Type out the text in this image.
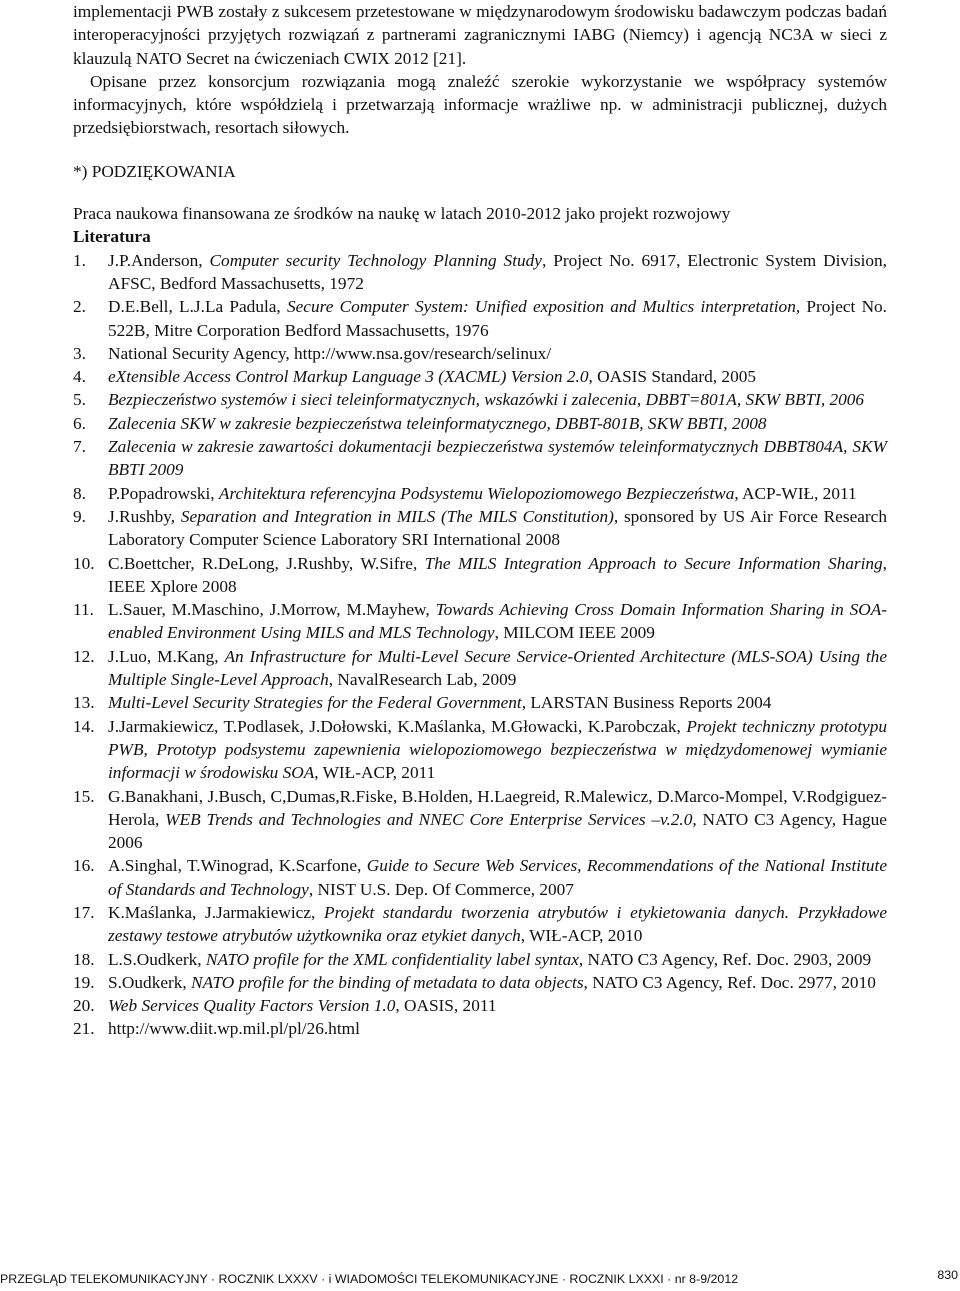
implementacji PWB zostały z sukcesem przetestowane w międzynarodowym środowisku badawczym podczas badań interoperacyjności przyjętych rozwiązań z partnerami zagranicznymi IABG (Niemcy) i agencją NC3A w sieci z klauzulą NATO Secret na ćwiczeniach CWIX 2012 [21].

Opisane przez konsorcjum rozwiązania mogą znaleźć szerokie wykorzystanie we współpracy systemów informacyjnych, które współdzielą i przetwarzają informacje wrażliwe np. w administracji publicznej, dużych przedsiębiorstwach, resortach siłowych.

*) PODZIĘKOWANIA

Praca naukowa finansowana ze środków na naukę w latach 2010-2012 jako projekt rozwojowy

Literatura

1. J.P.Anderson, Computer security Technology Planning Study, Project No. 6917, Electronic System Division, AFSC, Bedford Massachusetts, 1972
2. D.E.Bell, L.J.La Padula, Secure Computer System: Unified exposition and Multics interpretation, Project No. 522B, Mitre Corporation Bedford Massachusetts, 1976
3. National Security Agency, http://www.nsa.gov/research/selinux/
4. eXtensible Access Control Markup Language 3 (XACML) Version 2.0, OASIS Standard, 2005
5. Bezpieczeństwo systemów i sieci teleinformatycznych, wskazówki i zalecenia, DBBT=801A, SKW BBTI, 2006
6. Zalecenia SKW w zakresie bezpieczeństwa teleinformatycznego, DBBT-801B, SKW BBTI, 2008
7. Zalecenia w zakresie zawartości dokumentacji bezpieczeństwa systemów teleinformatycznych DBBT804A, SKW BBTI 2009
8. P.Popadrowski, Architektura referencyjna Podsystemu Wielopoziomowego Bezpieczeństwa, ACP-WIŁ, 2011
9. J.Rushby, Separation and Integration in MILS (The MILS Constitution), sponsored by US Air Force Research Laboratory Computer Science Laboratory SRI International 2008
10. C.Boettcher, R.DeLong, J.Rushby, W.Sifre, The MILS Integration Approach to Secure Information Sharing, IEEE Xplore 2008
11. L.Sauer, M.Maschino, J.Morrow, M.Mayhew, Towards Achieving Cross Domain Information Sharing in SOA-enabled Environment Using MILS and MLS Technology, MILCOM IEEE 2009
12. J.Luo, M.Kang, An Infrastructure for Multi-Level Secure Service-Oriented Architecture (MLS-SOA) Using the Multiple Single-Level Approach, NavalResearch Lab, 2009
13. Multi-Level Security Strategies for the Federal Government, LARSTAN Business Reports 2004
14. J.Jarmakiewicz, T.Podlasek, J.Dołowski, K.Maślanka, M.Głowacki, K.Parobczak, Projekt techniczny prototypu PWB, Prototyp podsystemu zapewnienia wielopoziomowego bezpieczeństwa w międzydomenowej wymianie informacji w środowisku SOA, WIŁ-ACP, 2011
15. G.Banakhani, J.Busch, C,Dumas,R.Fiske, B.Holden, H.Laegreid, R.Malewicz, D.Marco-Mompel, V.Rodgiguez-Herola, WEB Trends and Technologies and NNEC Core Enterprise Services –v.2.0, NATO C3 Agency, Hague 2006
16. A.Singhal, T.Winograd, K.Scarfone, Guide to Secure Web Services, Recommendations of the National Institute of Standards and Technology, NIST U.S. Dep. Of Commerce, 2007
17. K.Maślanka, J.Jarmakiewicz, Projekt standardu tworzenia atrybutów i etykietowania danych. Przykładowe zestawy testowe atrybutów użytkownika oraz etykiet danych, WIŁ-ACP, 2010
18. L.S.Oudkerk, NATO profile for the XML confidentiality label syntax, NATO C3 Agency, Ref. Doc. 2903, 2009
19. S.Oudkerk, NATO profile for the binding of metadata to data objects, NATO C3 Agency, Ref. Doc. 2977, 2010
20. Web Services Quality Factors Version 1.0, OASIS, 2011
21. http://www.diit.wp.mil.pl/pl/26.html
PRZEGLĄD TELEKOMUNIKACYJNY · ROCZNIK LXXXV · i WIADOMOŚCI TELEKOMUNIKACYJNE · ROCZNIK LXXXI · nr 8-9/2012	830
